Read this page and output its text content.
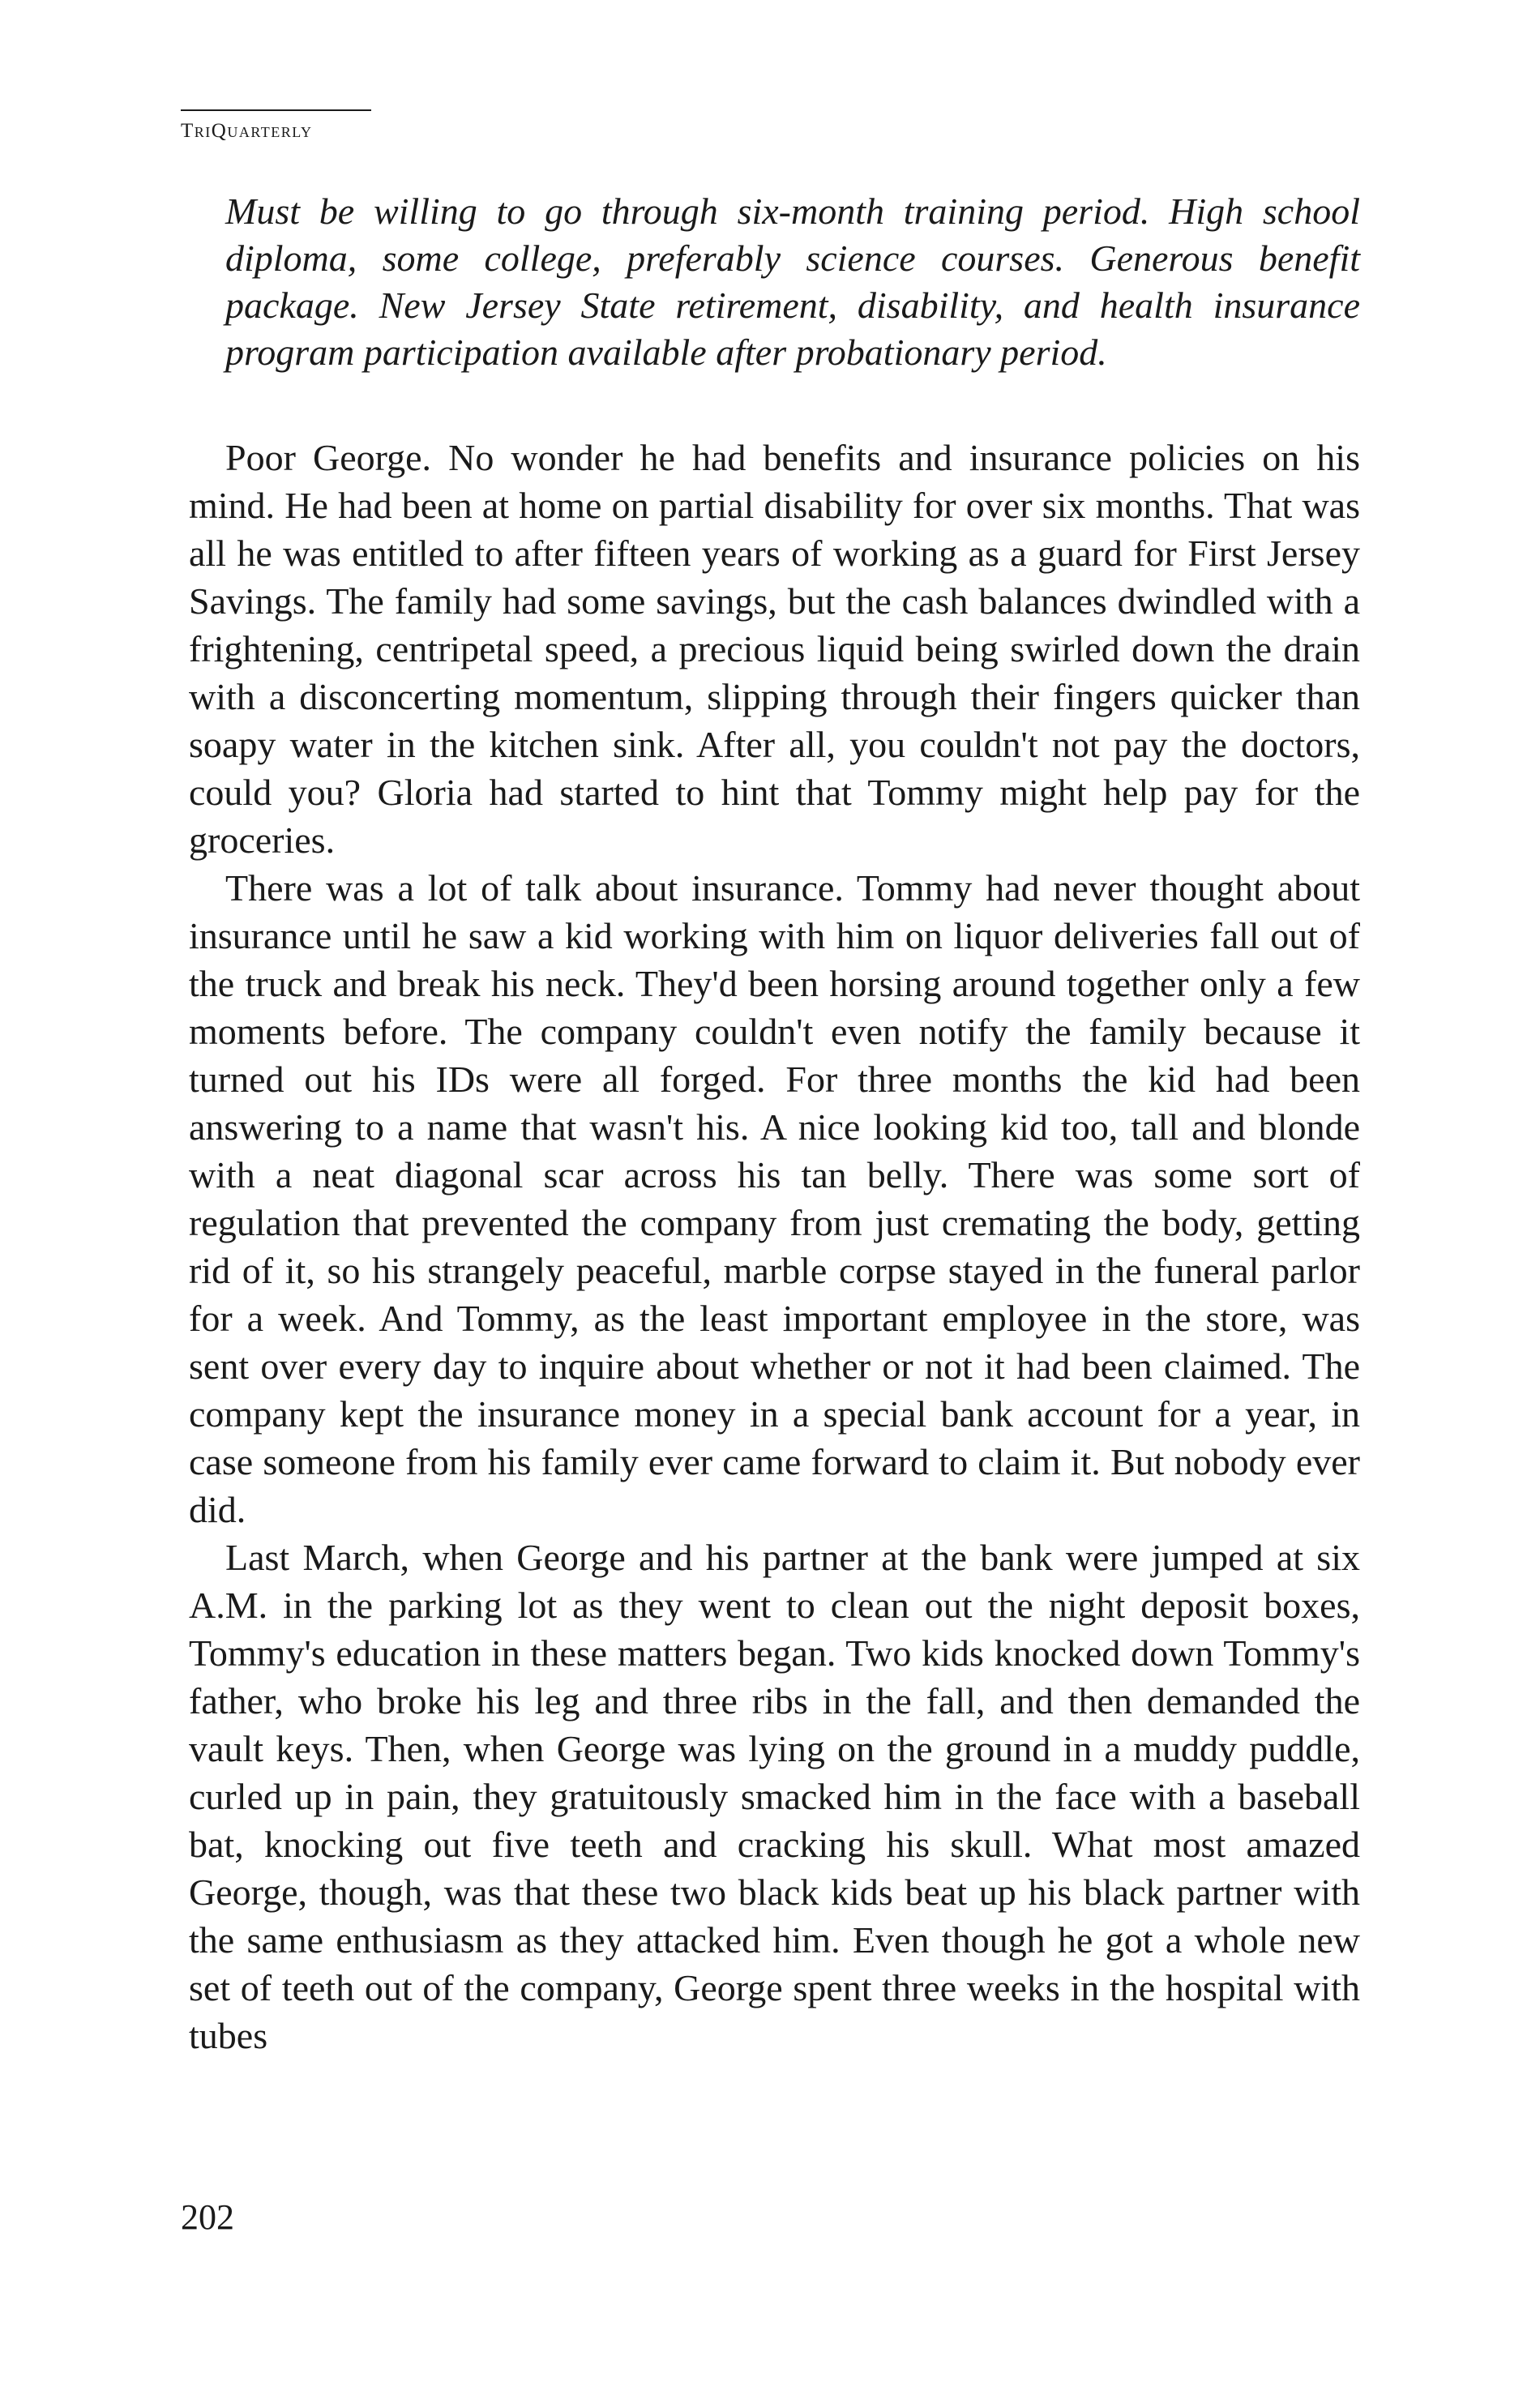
TriQuarterly

Must be willing to go through six-month training period. High school diploma, some college, preferably science courses. Generous benefit package. New Jersey State retirement, disability, and health insurance program participation available after probationary period.

Poor George. No wonder he had benefits and insurance policies on his mind. He had been at home on partial disability for over six months. That was all he was entitled to after fifteen years of working as a guard for First Jersey Savings. The family had some savings, but the cash balances dwindled with a frightening, centripetal speed, a precious liquid being swirled down the drain with a disconcerting momentum, slipping through their fingers quicker than soapy water in the kitchen sink. After all, you couldn't not pay the doctors, could you? Gloria had started to hint that Tommy might help pay for the groceries.

There was a lot of talk about insurance. Tommy had never thought about insurance until he saw a kid working with him on liquor deliveries fall out of the truck and break his neck. They'd been horsing around together only a few moments before. The company couldn't even notify the family because it turned out his IDs were all forged. For three months the kid had been answering to a name that wasn't his. A nice looking kid too, tall and blonde with a neat diagonal scar across his tan belly. There was some sort of regulation that prevented the company from just cremating the body, getting rid of it, so his strangely peaceful, marble corpse stayed in the funeral parlor for a week. And Tommy, as the least important employee in the store, was sent over every day to inquire about whether or not it had been claimed. The company kept the insurance money in a special bank account for a year, in case someone from his family ever came forward to claim it. But nobody ever did.

Last March, when George and his partner at the bank were jumped at six A.M. in the parking lot as they went to clean out the night deposit boxes, Tommy's education in these matters began. Two kids knocked down Tommy's father, who broke his leg and three ribs in the fall, and then demanded the vault keys. Then, when George was lying on the ground in a muddy puddle, curled up in pain, they gratuitously smacked him in the face with a baseball bat, knocking out five teeth and cracking his skull. What most amazed George, though, was that these two black kids beat up his black partner with the same enthusiasm as they attacked him. Even though he got a whole new set of teeth out of the company, George spent three weeks in the hospital with tubes

202
